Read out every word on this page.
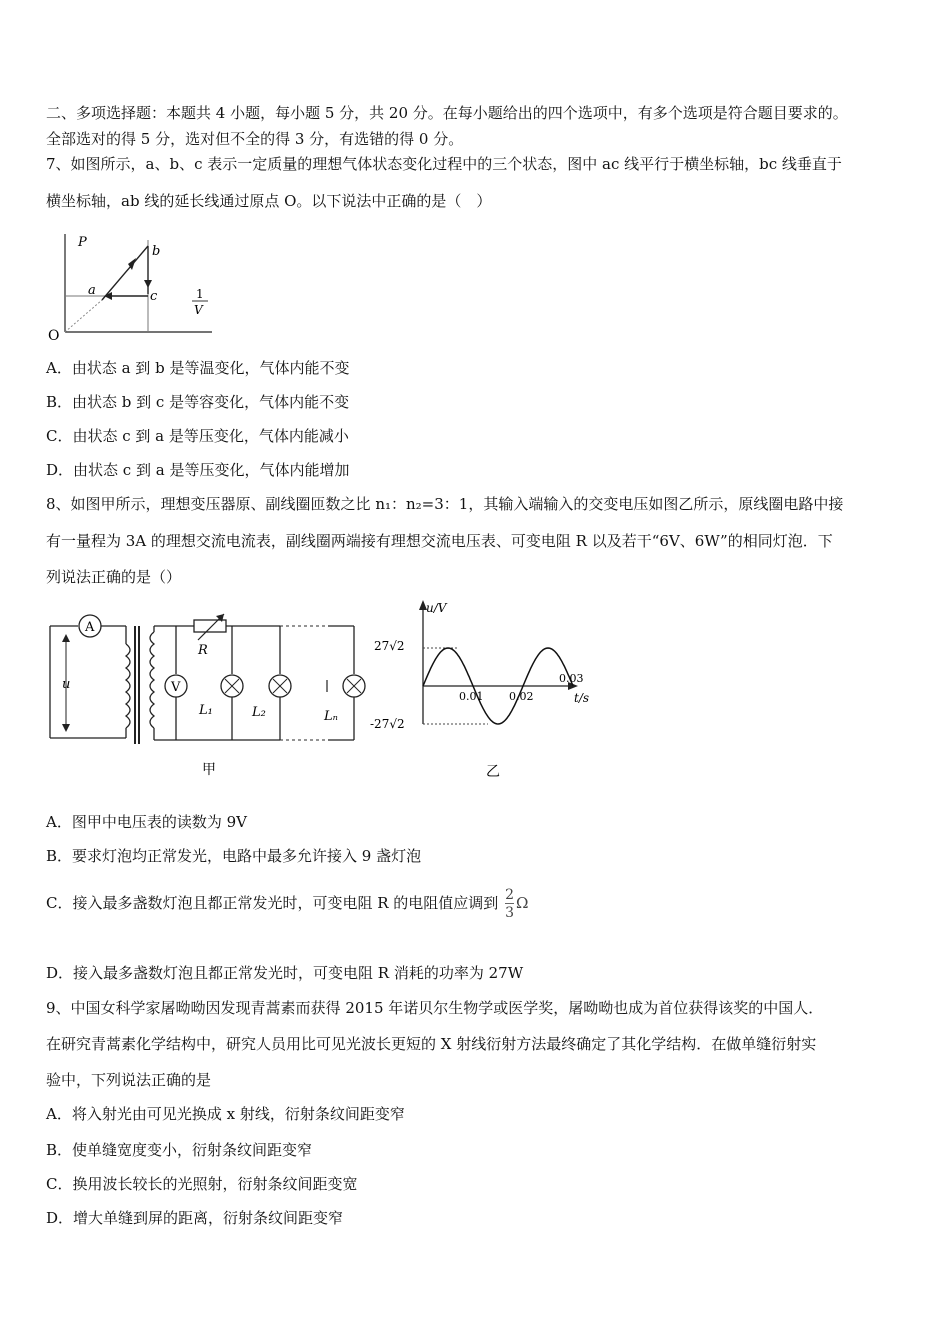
二、多项选择题：本题共 4 小题，每小题 5 分，共 20 分。在每小题给出的四个选项中，有多个选项是符合题目要求的。
全部选对的得 5 分，选对但不全的得 3 分，有选错的得 0 分。
7、如图所示，a、b、c 表示一定质量的理想气体状态变化过程中的三个状态，图中 ac 线平行于横坐标轴，bc 线垂直于
横坐标轴，ab 线的延长线通过原点 O。以下说法中正确的是（　）
P
b
a	c
O
1
V
A．由状态 a 到 b 是等温变化，气体内能不变
B．由状态 b 到 c 是等容变化，气体内能不变
C．由状态 c 到 a 是等压变化，气体内能减小
D．由状态 c 到 a 是等压变化，气体内能增加
8、如图甲所示，理想变压器原、副线圈匝数之比 n₁：n₂=3：1，其输入端输入的交变电压如图乙所示，原线圈电路中接
有一量程为 3A 的理想交流电流表，副线圈两端接有理想交流电压表、可变电阻 R 以及若干“6V、6W”的相同灯泡．下
列说法正确的是（）
A
u
R
V
L₁	L₂	Lₙ
甲
u/V
27√2
-27√2
0.01 0.02
0.03
t/s
乙
A．图甲中电压表的读数为 9V
B．要求灯泡均正常发光，电路中最多允许接入 9 盏灯泡
C．接入最多盏数灯泡且都正常发光时，可变电阻 R 的电阻值应调到 $\frac{2}{3}$ Ω
D．接入最多盏数灯泡且都正常发光时，可变电阻 R 消耗的功率为 27W
9、中国女科学家屠呦呦因发现青蒿素而获得 2015 年诺贝尔生物学或医学奖，屠呦呦也成为首位获得该奖的中国人．
在研究青蒿素化学结构中，研究人员用比可见光波长更短的 X 射线衍射方法最终确定了其化学结构．在做单缝衍射实
验中，下列说法正确的是
A．将入射光由可见光换成 x 射线，衍射条纹间距变窄
B．使单缝宽度变小，衍射条纹间距变窄
C．换用波长较长的光照射，衍射条纹间距变宽
D．增大单缝到屏的距离，衍射条纹间距变窄
